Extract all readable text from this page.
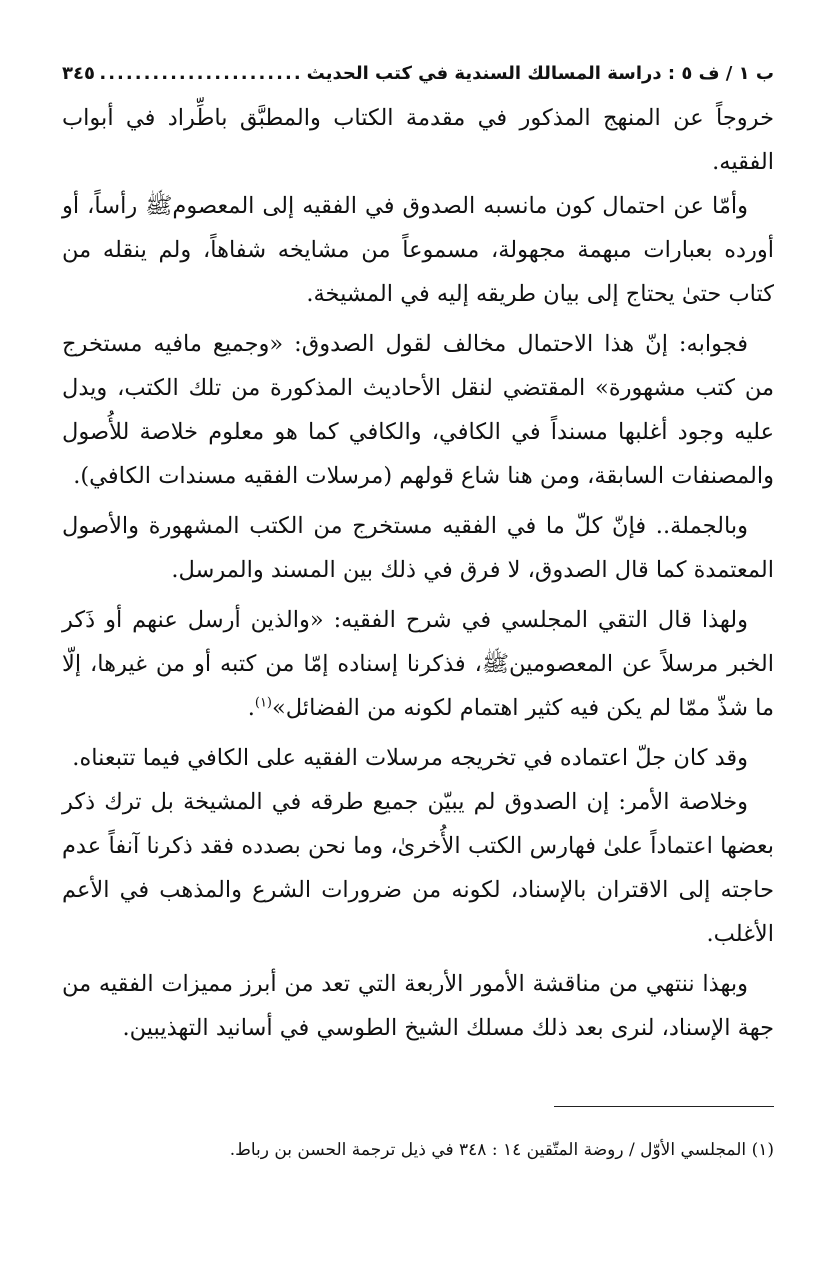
ب ١ / ف ٥ : دراسة المسالك السندية في كتب الحديث
.....
٣٤٥

خروجاً عن المنهج المذكور في مقدمة الكتاب والمطبَّق باطِّراد في أبواب الفقيه.

وأمّا عن احتمال كون مانسبه الصدوق في الفقيه إلى المعصومﷺ رأساً، أو أورده بعبارات مبهمة مجهولة، مسموعاً من مشايخه شفاهاً، ولم ينقله من كتاب حتىٰ يحتاج إلى بيان طريقه إليه في المشيخة.

فجوابه: إنّ هذا الاحتمال مخالف لقول الصدوق: «وجميع مافيه مستخرج من كتب مشهورة» المقتضي لنقل الأحاديث المذكورة من تلك الكتب، ويدل عليه وجود أغلبها مسنداً في الكافي، والكافي كما هو معلوم خلاصة للأُصول والمصنفات السابقة، ومن هنا شاع قولهم (مرسلات الفقيه مسندات الكافي).

وبالجملة.. فإنّ كلّ ما في الفقيه مستخرج من الكتب المشهورة والأصول المعتمدة كما قال الصدوق، لا فرق في ذلك بين المسند والمرسل.

ولهذا قال التقي المجلسي في شرح الفقيه: «والذين أرسل عنهم أو ذَكر الخبر مرسلاً عن المعصومينﷺ، فذكرنا إسناده إمّا من كتبه أو من غيرها، إلّا ما شذّ ممّا لم يكن فيه كثير اهتمام لكونه من الفضائل»$^{(١)}$.

وقد كان جلّ اعتماده في تخريجه مرسلات الفقيه على الكافي فيما تتبعناه.

وخلاصة الأمر: إن الصدوق لم يبيّن جميع طرقه في المشيخة بل ترك ذكر بعضها اعتماداً علىٰ فهارس الكتب الأُخرىٰ، وما نحن بصدده فقد ذكرنا آنفاً عدم حاجته إلى الاقتران بالإسناد، لكونه من ضرورات الشرع والمذهب في الأعم الأغلب.

وبهذا ننتهي من مناقشة الأمور الأربعة التي تعد من أبرز مميزات الفقيه من جهة الإسناد، لنرى بعد ذلك مسلك الشيخ الطوسي في أسانيد التهذيبين.

(١) المجلسي الأوّل / روضة المتّقين ١٤ : ٣٤٨ في ذيل ترجمة الحسن بن رباط.
